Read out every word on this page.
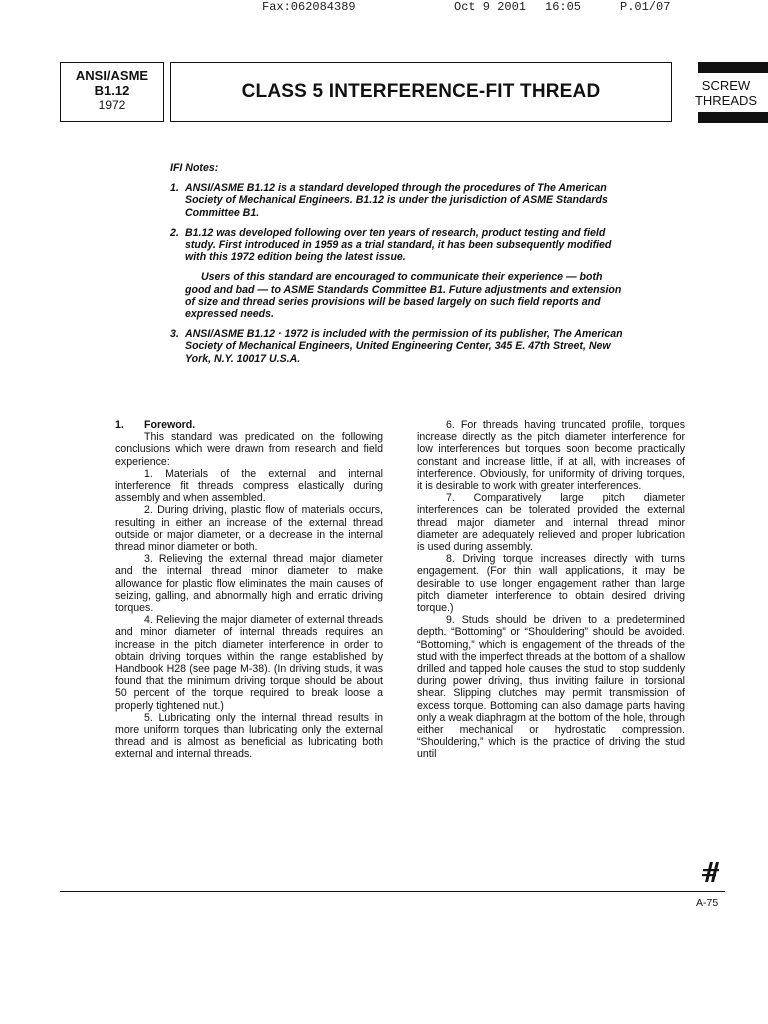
Fax:062084389	Oct 9 2001 16:05	P.01/07
ANSI/ASME
B1.12
1972
CLASS 5 INTERFERENCE-FIT THREAD	SCREW
THREADS

IFI Notes:

1. ANSI/ASME B1.12 is a standard developed through the procedures of The American Society of Mechanical Engineers. B1.12 is under the jurisdiction of ASME Standards Committee B1.
2. B1.12 was developed following over ten years of research, product testing and field study. First introduced in 1959 as a trial standard, it has been subsequently modified with this 1972 edition being the latest issue.

Users of this standard are encouraged to communicate their experience — both good and bad — to ASME Standards Committee B1. Future adjustments and extension of size and thread series provisions will be based largely on such field reports and expressed needs.

3. ANSI/ASME B1.12 · 1972 is included with the permission of its publisher, The American Society of Mechanical Engineers, United Engineering Center, 345 E. 47th Street, New York, N.Y. 10017 U.S.A.

1. Foreword.

This standard was predicated on the following conclusions which were drawn from research and field experience:

1. Materials of the external and internal interference fit threads compress elastically during assembly and when assembled.

2. During driving, plastic flow of materials occurs, resulting in either an increase of the external thread outside or major diameter, or a decrease in the internal thread minor diameter or both.

3. Relieving the external thread major diameter and the internal thread minor diameter to make allowance for plastic flow eliminates the main causes of seizing, galling, and abnormally high and erratic driving torques.

4. Relieving the major diameter of external threads and minor diameter of internal threads requires an increase in the pitch diameter interference in order to obtain driving torques within the range established by Handbook H28 (see page M-38). (In driving studs, it was found that the minimum driving torque should be about 50 percent of the torque required to break loose a properly tightened nut.)

5. Lubricating only the internal thread results in more uniform torques than lubricating only the external thread and is almost as beneficial as lubricating both external and internal threads.

6. For threads having truncated profile, torques increase directly as the pitch diameter interference for low interferences but torques soon become practically constant and increase little, if at all, with increases of interference. Obviously, for uniformity of driving torques, it is desirable to work with greater interferences.

7. Comparatively large pitch diameter interferences can be tolerated provided the external thread major diameter and internal thread minor diameter are adequately relieved and proper lubrication is used during assembly.

8. Driving torque increases directly with turns engagement. (For thin wall applications, it may be desirable to use longer engagement rather than large pitch diameter interference to obtain desired driving torque.)

9. Studs should be driven to a predetermined depth. “Bottoming” or “Shouldering” should be avoided. “Bottoming,” which is engagement of the threads of the stud with the imperfect threads at the bottom of a shallow drilled and tapped hole causes the stud to stop suddenly during power driving, thus inviting failure in torsional shear. Slipping clutches may permit transmission of excess torque. Bottoming can also damage parts having only a weak diaphragm at the bottom of the hole, through either mechanical or hydrostatic compression. “Shouldering,” which is the practice of driving the stud until

A-75
